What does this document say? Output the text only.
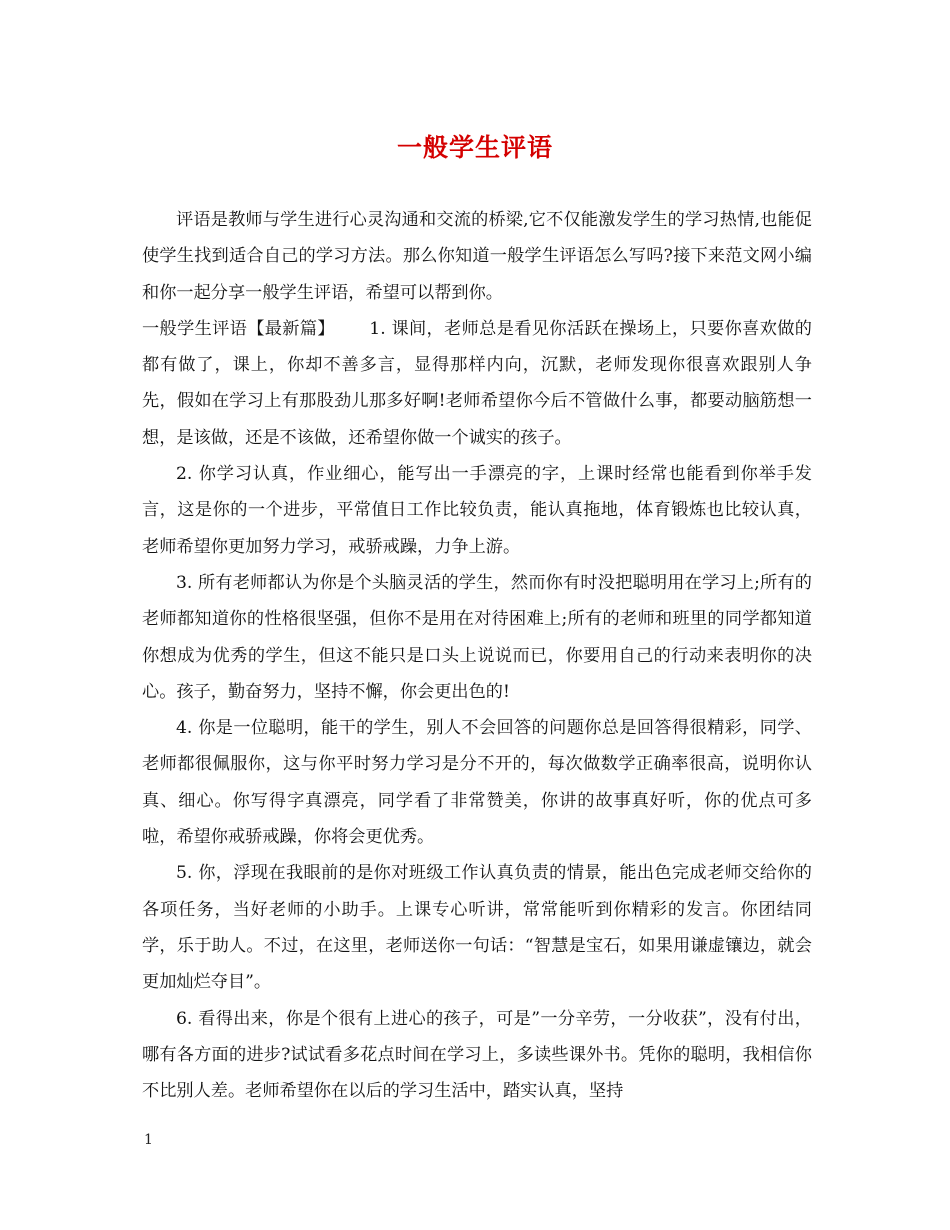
一般学生评语

评语是教师与学生进行心灵沟通和交流的桥梁,它不仅能激发学生的学习热情,也能促使学生找到适合自己的学习方法。那么你知道一般学生评语怎么写吗?接下来范文网小编和你一起分享一般学生评语，希望可以帮到你。

一般学生评语【最新篇】   1. 课间，老师总是看见你活跃在操场上，只要你喜欢做的都有做了，课上，你却不善多言，显得那样内向，沉默，老师发现你很喜欢跟别人争先，假如在学习上有那股劲儿那多好啊!老师希望你今后不管做什么事，都要动脑筋想一想，是该做，还是不该做，还希望你做一个诚实的孩子。

2. 你学习认真，作业细心，能写出一手漂亮的字，上课时经常也能看到你举手发言，这是你的一个进步，平常值日工作比较负责，能认真拖地，体育锻炼也比较认真，老师希望你更加努力学习，戒骄戒躁，力争上游。

3. 所有老师都认为你是个头脑灵活的学生，然而你有时没把聪明用在学习上;所有的老师都知道你的性格很坚强，但你不是用在对待困难上;所有的老师和班里的同学都知道你想成为优秀的学生，但这不能只是口头上说说而已，你要用自己的行动来表明你的决心。孩子，勤奋努力，坚持不懈，你会更出色的!

4. 你是一位聪明，能干的学生，别人不会回答的问题你总是回答得很精彩，同学、老师都很佩服你，这与你平时努力学习是分不开的，每次做数学正确率很高，说明你认真、细心。你写得字真漂亮，同学看了非常赞美，你讲的故事真好听，你的优点可多啦，希望你戒骄戒躁，你将会更优秀。

5. 你，浮现在我眼前的是你对班级工作认真负责的情景，能出色完成老师交给你的各项任务，当好老师的小助手。上课专心听讲，常常能听到你精彩的发言。你团结同学，乐于助人。不过，在这里，老师送你一句话：“智慧是宝石，如果用谦虚镶边，就会更加灿烂夺目”。

6. 看得出来，你是个很有上进心的孩子，可是”一分辛劳，一分收获”，没有付出，哪有各方面的进步?试试看多花点时间在学习上，多读些课外书。凭你的聪明，我相信你不比别人差。老师希望你在以后的学习生活中，踏实认真，坚持

1
